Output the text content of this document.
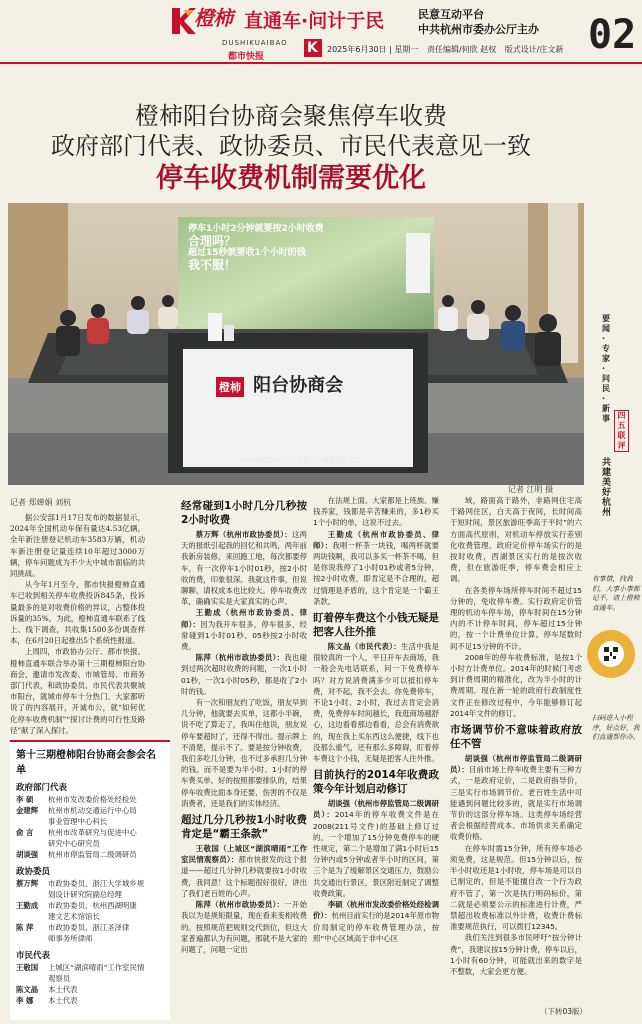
橙柿 直通车·问计于民	民意互动平台
中共杭州市委办公厅主办
DUSHIKUAIBAO
都市快报
K 2025年6月30日 | 星期一 责任编辑/何欣 赵权 版式设计/庄文新 02
橙柿阳台协商会聚焦停车收费
政府部门代表、政协委员、市民代表意见一致
停车收费机制需要优化
停车1小时2分钟就要按2小时收费
合理吗？
超过15秒就要收1个小时的钱
我不服！
橙柿 阳台协商会
杭州市政协实验中心 | 都市快报直通车互动
记者 江明 摄
记者 郑婵娟 刘杭

据公安部1月17日发布的数据显示，2024年全国机动车保有量达4.53亿辆，全年新注册登记机动车3583万辆，机动车新注册登记量连续10年超过3000万辆，停车问题成为不少大中城市面临的共同挑战。

从今年1月至今，都市快报橙柿直通车已收到相关停车收费投诉845条，投诉量最多的是对收费价格的异议，占整体投诉量的35%。为此，橙柿直通车联系了线上、线下调查，共收集1500多份调查样本，在6月20日起推出5个系统性报道。

上周四，市政协办公厅、都市快报、橙柿直通车联合举办第十三期橙柿阳台协商会，邀请市发改委、市城管局、市商务部门代表，和政协委员、市民代表共聚城市阳台，就城市停车十分热门、大家都听说了的内容展开，开诚布公，就“如何优化停车收费机制”“探讨计费的可行性及路径”献了深入探讨。

第十三期橙柿阳台协商会参会名单
政府部门代表
李 硕 杭州市发改委价格处经检处
金建辉 杭州市机动交通运行中心局
事业管理中心科长
俞 言 杭州市改革研究与促进中心
研究中心研究员
胡谈强 杭州市停监管局二级调研员
政协委员
蔡万辉 市政协委员、浙江大学城乡规
划设计研究院副总经理
王勤成 市政协委员、杭州西湖明康
建文艺术馆馆长
陈 萍 市政协委员、浙江圣泽律
师事务所律师
市民代表
王敬国 上城区“湖滨晴雨”工作室民情
观察员
陈文晶 本土代表
李 娜 本土代表

经常碰到1小时几分几秒按2小时收费

蔡万辉（杭州市政协委员）：这两天的报纸引起我的回忆和共鸣，两年前我新房装修，来回跑工地，每次都要停车，有一次停车1小时01秒，按2小时收的费，印象很深。我就这件事，但说聊聊，请权成本也比较大。停车收费改革，确确实实是大家真实的心声。

王勤成（杭州市政协委员、律师）：因为我开车很多，停车很多，经常碰到1小时01秒、05秒按2小时收费。

陈萍（杭州市政协委员）：我也碰到过两次超时收费的问题，一次1小时01秒，一次1小时05秒，都是收了2小时的钱。

有一次和朋友约了吃饭，朋友早到几分钟，他就要去买单，这都小半碗，说不吃了算走了，我叫住他说，朋友说停车要超时了，还得不得出。提示牌上不清楚，提示不了。要是按分钟收费，我们多吃几分钟，也不过多承担几分钟的钱。而不是要为半小时、1小时的停车费买单。好的按照都要排队的，结果停车收费比面本身还要，伤害的不仅是消费者，还是我们的实体经济。

超过几分几秒按1小时收费肯定是“霸王条款”

王敬国（上城区“湖滨晴雨”工作室民情观察员）：都市快报发的这个报道——超过几分钟几秒就要按1小时收费，我同意！这个标题很好很好，讲出了我们老百姓的心声。

陈萍（杭州市政协委员）：一开始我以为是规矩限量，现在看来变相收费的。按照规范把规则交代到位，但这大家普遍都认为有问题，那就不是大家的问题了，问题一定出

在法规上面。大家都是上班族、赚钱养家，钱都是辛苦赚来的，多1秒买1个小时的单，这说不过去。

王勤成（杭州市政协委员、律师）：我唱一杯茶一块钱，喝两杯就要两块钱啊，我可以多买一杯茶不喝，但是你说我停了1小时01秒或者5分钟，按2小时收费，即肯定是不合理的，超过情理是矛盾的，这个肯定是一个霸王条款。

盯着停车费这个小钱无疑是把客人往外推

陈文晶（市民代表）：生活中我是很较真的一个人，平日开车去商场，我一般会先电话联系，问一下免费停车吗？对方说消费满多少可以抵扣停车费，对不起，我不会去。你免费停车，不论1小时、2小时，我过去肯定会消费，免费停车时间越长，我逛商场越舒心，这边看看那边看看，总会有消费欲的，现在我上买东西这么便捷，线下也没那么重气，还有那么多障碍，盯着停车费这个小钱，无疑是把客人往外推。

目前执行的2014年收费政策今年计划启动修订

胡谈强（杭州市停监管局二级调研员）：2014年的停车收费文件是在2008(211号文件)的基础上修订过的，一个增加了15分钟免费停车的硬性规定，第二个是增加了满1小时后15分钟内或5分钟或者半小时的区间，第三个是为了缓解景区交通压力，鼓励公共交通出行景区，景区附近制定了调整收费政策。

李硕（杭州市发改委价格处经检调价）：杭州目前实行的是2014年原市物价局制定的停车收费管理办法，按照“中心区域高于非中心区

域，路面高于路外，非路网住宅高于路网住区，白天高于夜间，长时间高于短时间，景区旅游旺季高于平时”的六方面高代原则，对机动车停放实行差别化收费管理。政府定价停车场实行的是按时收费，西湖景区实行的是按次收费，但在旅游旺季，停车费会相应上调。

在各类停车场所停车时间不超过15分钟的，免收停车费。实行政府定价管理的机动车停车场，停车时间在15分钟内的不计停车时间，停车超过15分钟的，按一个计费单位计算。停车尾数时间不足15分钟的不计。

2008年的停车收费标准，是按1个小时方计费单位。2014年的时候门考虑到计费周期的精准化，改为半小时的计费周期。现在新一轮的政府行政制度性文件正在修改过程中，今年能够修订起2014年文件的修订。

市场调节价不意味着政府放任不管

胡谈强（杭州市停监管局二级调研员）：目前市场上停车收费主要有三种方式，一是政府定价，二是政府指导价，三是实行市场调节价。老百姓生活中可能遇到问题比较多的，就是实行市场调节价的这部分停车场。这类停车场经营者会根据经营成本、市场供求关系确定收费价格。

在停车时需15分钟，所有停车场必须免费，这是规范。但15分钟以后，按半小时收还是1小时收，停车场是可以自己制定的，但是不能擅自改一个行为政府不管了，第一次是执行明码标价，第二就是必须要公示的标准进行计费，严禁超出收费标准以外计费，收费计费标准要规范执行，可以拨打12345。

我们关注到很多市民呼吁“按分钟计费”，我建议按15分钟计费，停车以后，1小时有60分钟，可能就出来的数字是不整数，大家会更方便。

要闻·专家·问民·新事 四五联评
共建美好杭州
有事情，找我们，大事小事都记不，请上橙柿直通车。
扫码进入小程序，好点好，我们直通帮你办。
（下转03版）
